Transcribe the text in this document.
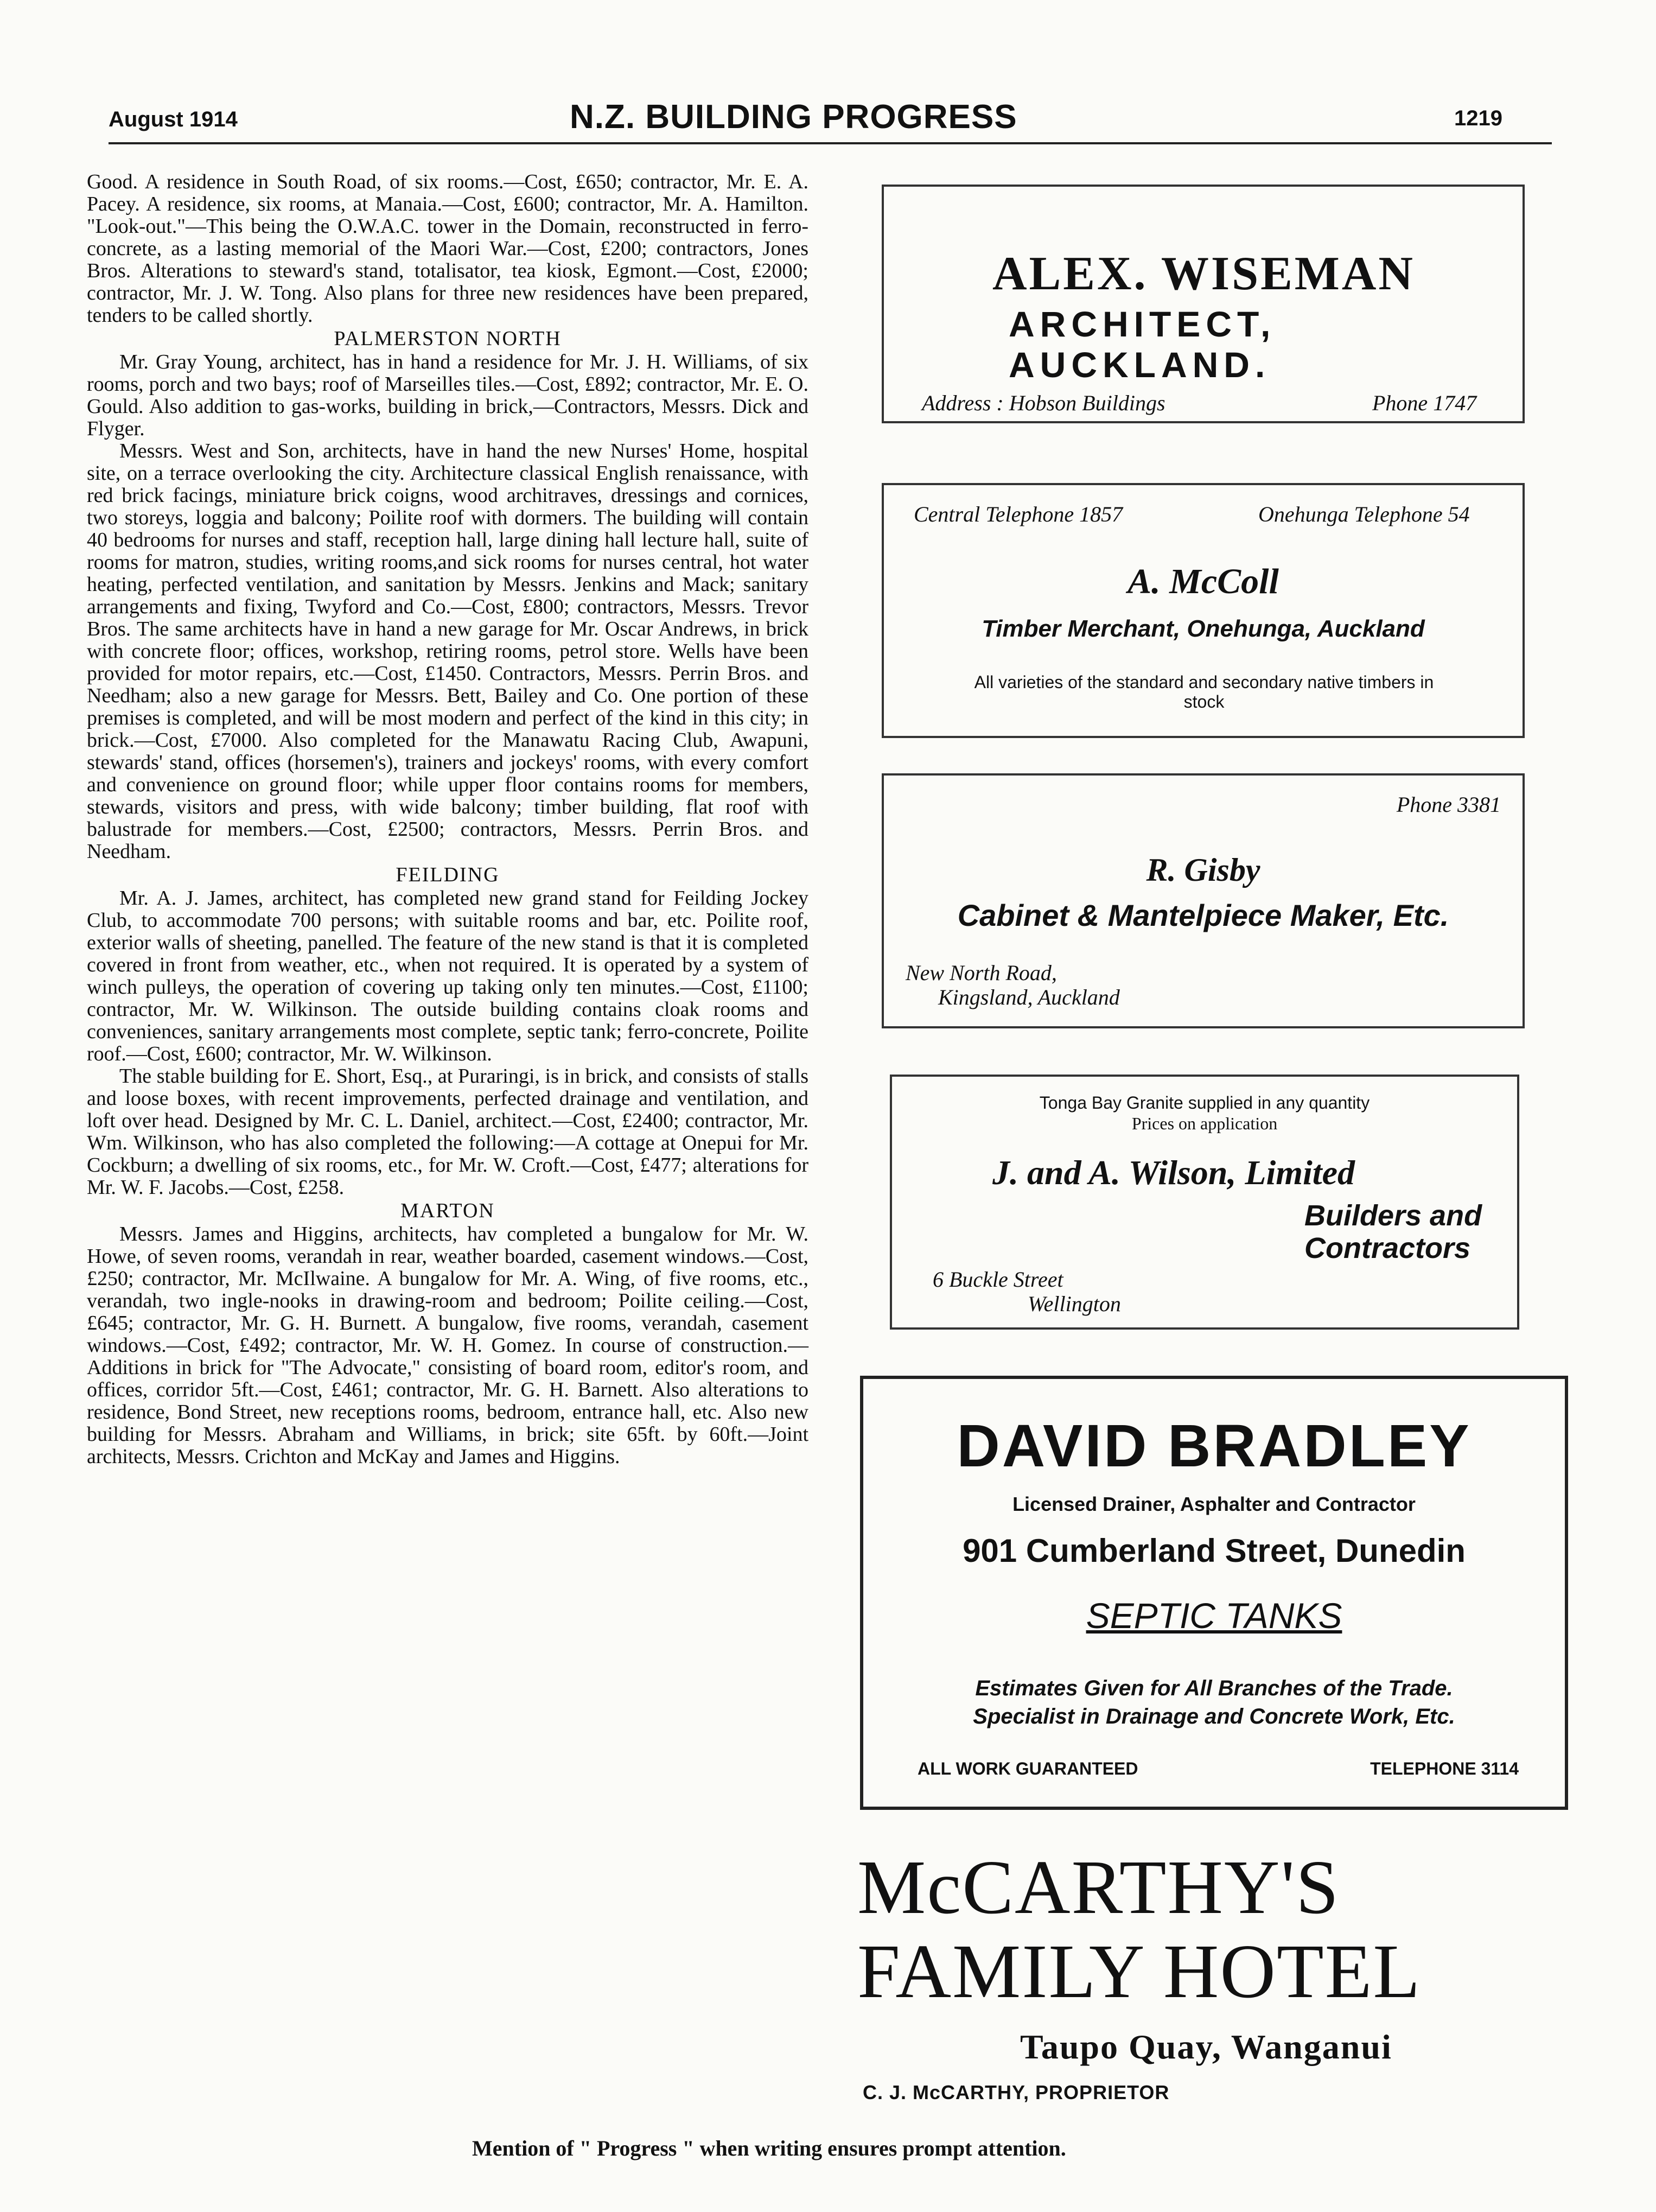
August 1914	N.Z. BUILDING PROGRESS	1219

Good. A residence in South Road, of six rooms.—Cost, £650; contractor, Mr. E. A. Pacey. A residence, six rooms, at Manaia.—Cost, £600; contractor, Mr. A. Hamilton. "Look-out."—This being the O.W.A.C. tower in the Domain, reconstructed in ferro-concrete, as a lasting memorial of the Maori War.—Cost, £200; contractors, Jones Bros. Alterations to steward's stand, totalisator, tea kiosk, Egmont.—Cost, £2000; contractor, Mr. J. W. Tong. Also plans for three new residences have been prepared, tenders to be called shortly.

PALMERSTON NORTH

Mr. Gray Young, architect, has in hand a residence for Mr. J. H. Williams, of six rooms, porch and two bays; roof of Marseilles tiles.—Cost, £892; contractor, Mr. E. O. Gould. Also addition to gas-works, building in brick,—Contractors, Messrs. Dick and Flyger.

Messrs. West and Son, architects, have in hand the new Nurses' Home, hospital site, on a terrace overlooking the city. Architecture classical English renaissance, with red brick facings, miniature brick coigns, wood architraves, dressings and cornices, two storeys, loggia and balcony; Poilite roof with dormers. The building will contain 40 bedrooms for nurses and staff, reception hall, large dining hall lecture hall, suite of rooms for matron, studies, writing rooms,and sick rooms for nurses central, hot water heating, perfected ventilation, and sanitation by Messrs. Jenkins and Mack; sanitary arrangements and fixing, Twyford and Co.—Cost, £800; contractors, Messrs. Trevor Bros. The same architects have in hand a new garage for Mr. Oscar Andrews, in brick with concrete floor; offices, workshop, retiring rooms, petrol store. Wells have been provided for motor repairs, etc.—Cost, £1450. Contractors, Messrs. Perrin Bros. and Needham; also a new garage for Messrs. Bett, Bailey and Co. One portion of these premises is completed, and will be most modern and perfect of the kind in this city; in brick.—Cost, £7000. Also completed for the Manawatu Racing Club, Awapuni, stewards' stand, offices (horsemen's), trainers and jockeys' rooms, with every comfort and convenience on ground floor; while upper floor contains rooms for members, stewards, visitors and press, with wide balcony; timber building, flat roof with balustrade for members.—Cost, £2500; contractors, Messrs. Perrin Bros. and Needham.

FEILDING

Mr. A. J. James, architect, has completed new grand stand for Feilding Jockey Club, to accommodate 700 persons; with suitable rooms and bar, etc. Poilite roof, exterior walls of sheeting, panelled. The feature of the new stand is that it is completed covered in front from weather, etc., when not required. It is operated by a system of winch pulleys, the operation of covering up taking only ten minutes.—Cost, £1100; contractor, Mr. W. Wilkinson. The outside building contains cloak rooms and conveniences, sanitary arrangements most complete, septic tank; ferro-concrete, Poilite roof.—Cost, £600; contractor, Mr. W. Wilkinson.

The stable building for E. Short, Esq., at Puraringi, is in brick, and consists of stalls and loose boxes, with recent improvements, perfected drainage and ventilation, and loft over head. Designed by Mr. C. L. Daniel, architect.—Cost, £2400; contractor, Mr. Wm. Wilkinson, who has also completed the following:—A cottage at Onepui for Mr. Cockburn; a dwelling of six rooms, etc., for Mr. W. Croft.—Cost, £477; alterations for Mr. W. F. Jacobs.—Cost, £258.

MARTON

Messrs. James and Higgins, architects, hav completed a bungalow for Mr. W. Howe, of seven rooms, verandah in rear, weather boarded, casement windows.—Cost, £250; contractor, Mr. McIlwaine. A bungalow for Mr. A. Wing, of five rooms, etc., verandah, two ingle-nooks in drawing-room and bedroom; Poilite ceiling.—Cost, £645; contractor, Mr. G. H. Burnett. A bungalow, five rooms, verandah, casement windows.—Cost, £492; contractor, Mr. W. H. Gomez. In course of construction.—Additions in brick for "The Advocate," consisting of board room, editor's room, and offices, corridor 5ft.—Cost, £461; contractor, Mr. G. H. Barnett. Also alterations to residence, Bond Street, new receptions rooms, bedroom, entrance hall, etc. Also new building for Messrs. Abraham and Williams, in brick; site 65ft. by 60ft.—Joint architects, Messrs. Crichton and McKay and James and Higgins.

ALEX. WISEMAN
ARCHITECT,
AUCKLAND.
Address : Hobson Buildings	Phone 1747
Central Telephone 1857	Onehunga Telephone 54
A. McColl
Timber Merchant, Onehunga, Auckland
All varieties of the standard and secondary native timbers in stock
Phone 3381
R. Gisby
Cabinet & Mantelpiece Maker, Etc.
New North Road,
Kingsland, Auckland
Tonga Bay Granite supplied in any quantity
Prices on application
J. and A. Wilson, Limited
Builders and
Contractors
6 Buckle Street
Wellington
DAVID BRADLEY
Licensed Drainer, Asphalter and Contractor
901 Cumberland Street, Dunedin
SEPTIC TANKS
Estimates Given for All Branches of the Trade.
Specialist in Drainage and Concrete Work, Etc.
ALL WORK GUARANTEED	TELEPHONE 3114
McCARTHY'S
FAMILY HOTEL
Taupo Quay, Wanganui
C. J. McCARTHY, PROPRIETOR
Mention of " Progress " when writing ensures prompt attention.
